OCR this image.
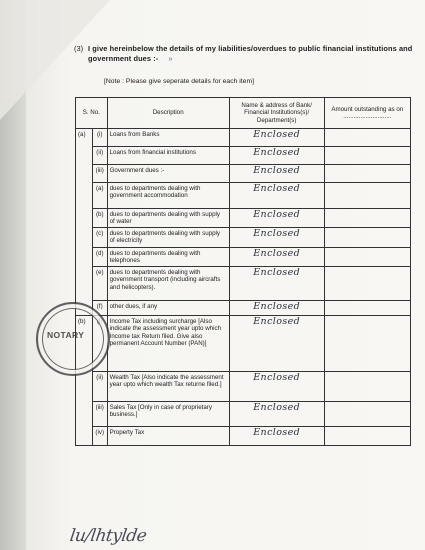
(3) I give hereinbelow the details of my liabilities/overdues to public financial institutions and government dues :- »
[Note : Please give seperate details for each item]
S. No.		Description	Name & address of Bank/ Financial Institutions(s)/ Department(s)	Amount outstanding as on ............................
(a)	(i)	Loans from Banks	Enclosed	
	(ii)	Loans from financial institutions	Enclosed	
	(iii)	Government dues :-	Enclosed	
	(a)	dues to departments dealing with government accommodation	Enclosed	
	(b)	dues to departments dealing with supply of water	Enclosed	
	(c)	dues to departments dealing with supply of electricity	Enclosed	
	(d)	dues to departments dealing with telephones	Enclosed	
	(e)	dues to departments dealing with government transport (including aircrafts and helicopters).	Enclosed	
	(f)	other dues, if any	Enclosed	
(b)	(i)	Income Tax including surcharge [Also indicate the assessment year upto which Income tax Return filed. Give also permanent Account Number (PAN)]	Enclosed	
	(ii)	Wealth Tax [Also indicate the assessment year upto which wealth Tax returne filed.]	Enclosed	
	(iii)	Sales Tax [Only in case of proprietary business.]	Enclosed	
	(iv)	Property Tax	Enclosed	
NOTARY
lu/lhtylde
